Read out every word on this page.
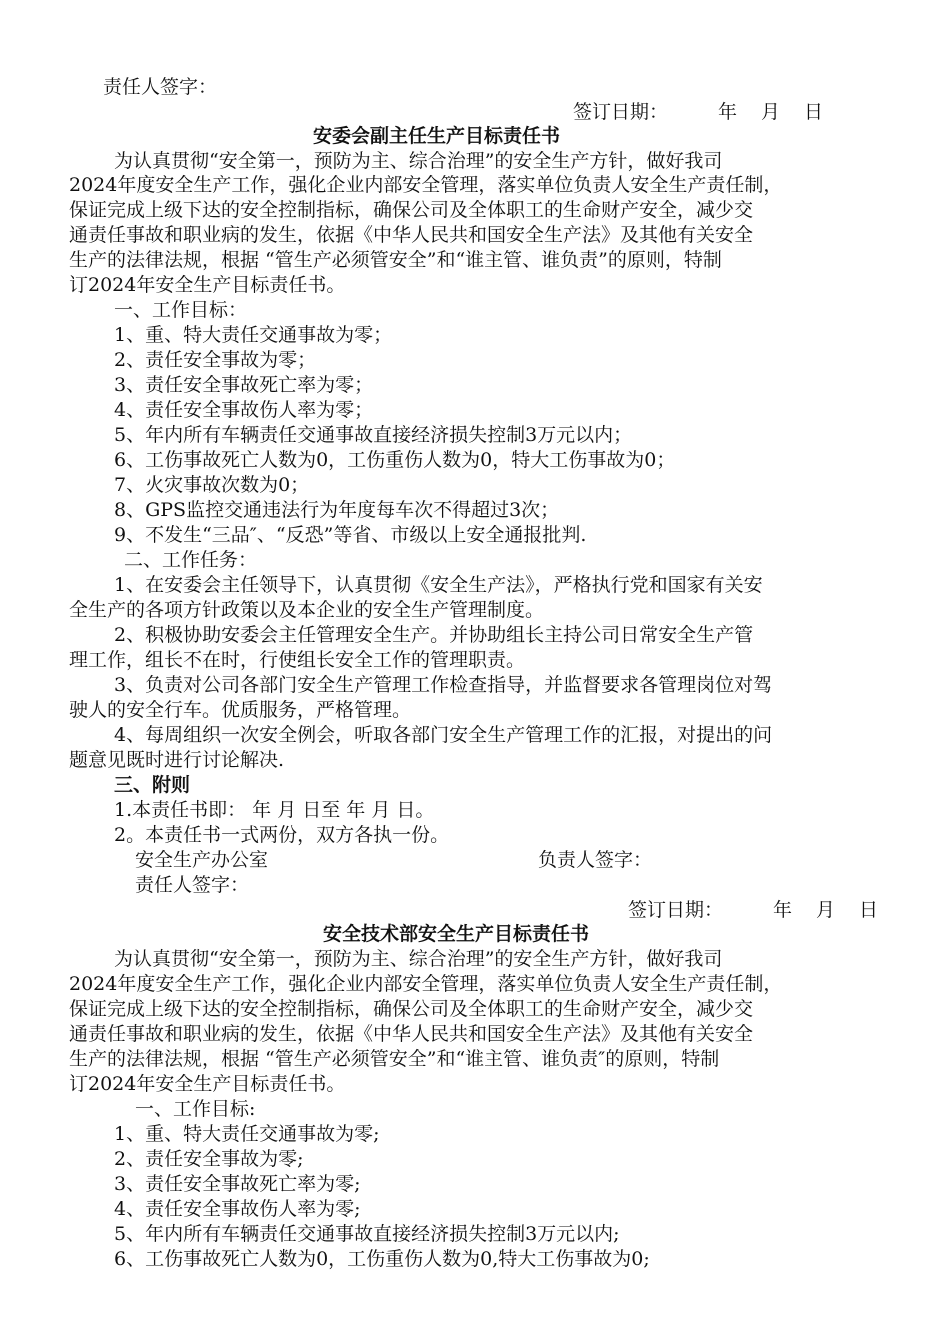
责任人签字：
签订日期：	年 月 日
安委会副主任生产目标责任书
为认真贯彻“安全第一，预防为主、综合治理”的安全生产方针，做好我司
2024年度安全生产工作，强化企业内部安全管理，落实单位负责人安全生产责任制，
保证完成上级下达的安全控制指标，确保公司及全体职工的生命财产安全，减少交
通责任事故和职业病的发生，依据《中华人民共和国安全生产法》及其他有关安全
生产的法律法规，根据 “管生产必须管安全”和“谁主管、谁负责”的原则，特制
订2024年安全生产目标责任书。
一、工作目标：
1、重、特大责任交通事故为零；
2、责任安全事故为零；
3、责任安全事故死亡率为零；
4、责任安全事故伤人率为零；
5、年内所有车辆责任交通事故直接经济损失控制3万元以内；
6、工伤事故死亡人数为0，工伤重伤人数为0，特大工伤事故为0；
7、火灾事故次数为0；
8、GPS监控交通违法行为年度每车次不得超过3次；
9、不发生“三品″、“反恐”等省、市级以上安全通报批判.
二、工作任务：
1、在安委会主任领导下，认真贯彻《安全生产法》，严格执行党和国家有关安
全生产的各项方针政策以及本企业的安全生产管理制度。
2、积极协助安委会主任管理安全生产。并协助组长主持公司日常安全生产管
理工作，组长不在时，行使组长安全工作的管理职责。
3、负责对公司各部门安全生产管理工作检查指导，并监督要求各管理岗位对驾
驶人的安全行车。优质服务，严格管理。
4、每周组织一次安全例会，听取各部门安全生产管理工作的汇报，对提出的问
题意见既时进行讨论解决.
三、附则
1.本责任书即： 年 月 日至 年 月 日。
2。本责任书一式两份，双方各执一份。
安全生产办公室	负责人签字：
责任人签字：
签订日期：	年 月 日
安全技术部安全生产目标责任书
为认真贯彻“安全第一，预防为主、综合治理”的安全生产方针，做好我司
2024年度安全生产工作，强化企业内部安全管理，落实单位负责人安全生产责任制，
保证完成上级下达的安全控制指标，确保公司及全体职工的生命财产安全，减少交
通责任事故和职业病的发生，依据《中华人民共和国安全生产法》及其他有关安全
生产的法律法规，根据 “管生产必须管安全”和“谁主管、谁负责″的原则，特制
订2024年安全生产目标责任书。
一、工作目标:
1、重、特大责任交通事故为零;
2、责任安全事故为零;
3、责任安全事故死亡率为零;
4、责任安全事故伤人率为零;
5、年内所有车辆责任交通事故直接经济损失控制3万元以内;
6、工伤事故死亡人数为0，工伤重伤人数为0,特大工伤事故为0;
